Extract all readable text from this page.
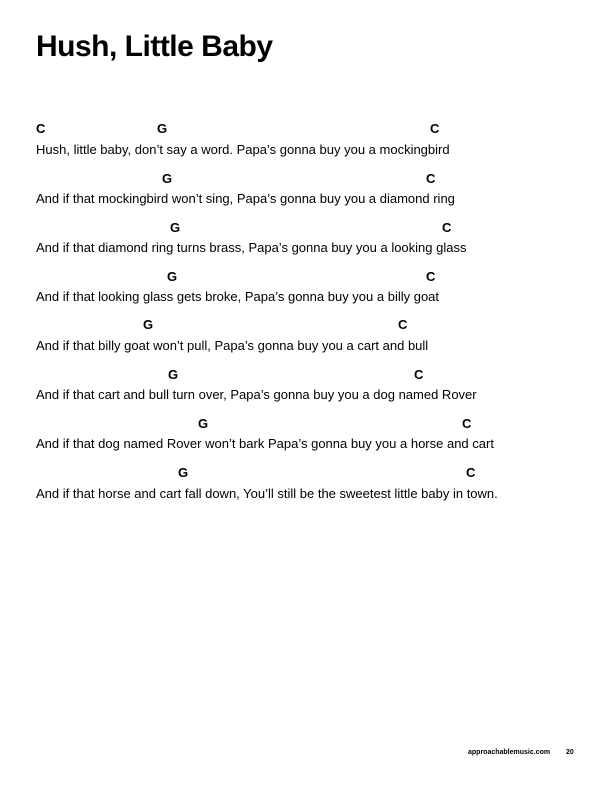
Hush, Little Baby
C	G	C
Hush, little baby, don’t say a word. Papa’s gonna buy you a mockingbird
G	C
And if that mockingbird won’t sing, Papa’s gonna buy you a diamond ring
G	C
And if that diamond ring turns brass, Papa’s gonna buy you a looking glass
G	C
And if that looking glass gets broke, Papa’s gonna buy you a billy goat
G	C
And if that billy goat won’t pull, Papa’s gonna buy you a cart and bull
G	C
And if that cart and bull turn over, Papa’s gonna buy you a dog named Rover
G	C
And if that dog named Rover won’t bark Papa’s gonna buy you a horse and cart
G	C
And if that horse and cart fall down, You’ll still be the sweetest little baby in town.
approachablemusic.com 20
